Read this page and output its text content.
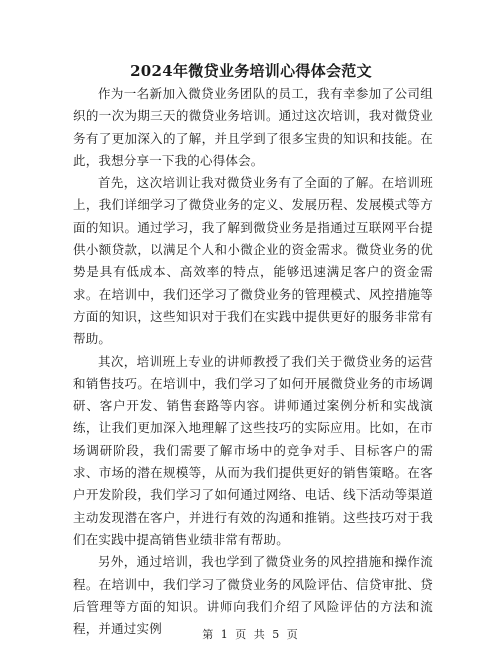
2024年微贷业务培训心得体会范文

作为一名新加入微贷业务团队的员工，我有幸参加了公司组织的一次为期三天的微贷业务培训。通过这次培训，我对微贷业务有了更加深入的了解，并且学到了很多宝贵的知识和技能。在此，我想分享一下我的心得体会。

首先，这次培训让我对微贷业务有了全面的了解。在培训班上，我们详细学习了微贷业务的定义、发展历程、发展模式等方面的知识。通过学习，我了解到微贷业务是指通过互联网平台提供小额贷款，以满足个人和小微企业的资金需求。微贷业务的优势是具有低成本、高效率的特点，能够迅速满足客户的资金需求。在培训中，我们还学习了微贷业务的管理模式、风控措施等方面的知识，这些知识对于我们在实践中提供更好的服务非常有帮助。

其次，培训班上专业的讲师教授了我们关于微贷业务的运营和销售技巧。在培训中，我们学习了如何开展微贷业务的市场调研、客户开发、销售套路等内容。讲师通过案例分析和实战演练，让我们更加深入地理解了这些技巧的实际应用。比如，在市场调研阶段，我们需要了解市场中的竞争对手、目标客户的需求、市场的潜在规模等，从而为我们提供更好的销售策略。在客户开发阶段，我们学习了如何通过网络、电话、线下活动等渠道主动发现潜在客户，并进行有效的沟通和推销。这些技巧对于我们在实践中提高销售业绩非常有帮助。

另外，通过培训，我也学到了微贷业务的风控措施和操作流程。在培训中，我们学习了微贷业务的风险评估、信贷审批、贷后管理等方面的知识。讲师向我们介绍了风险评估的方法和流程，并通过实例	第 1 页 共 5 页
